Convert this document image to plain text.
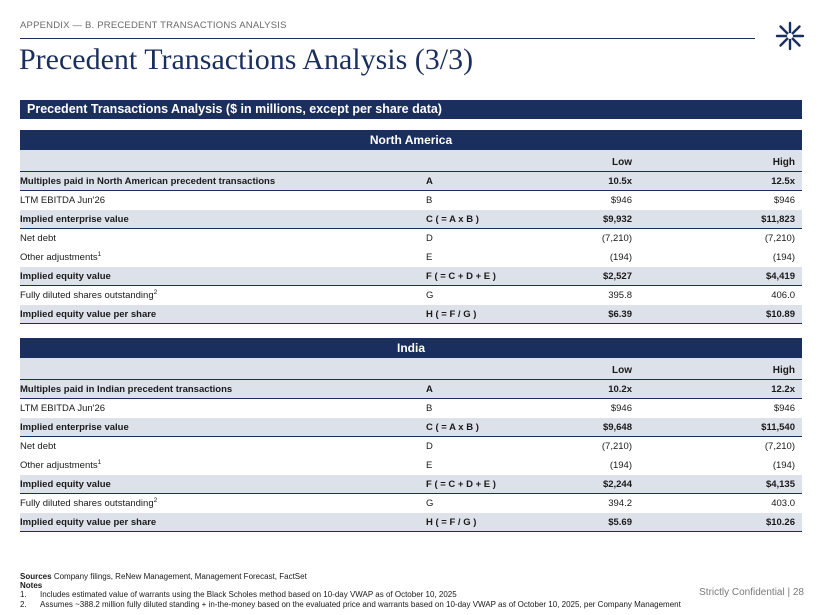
APPENDIX — B. PRECEDENT TRANSACTIONS ANALYSIS
Precedent Transactions Analysis (3/3)
Precedent Transactions Analysis ($ in millions, except per share data)
North America
Low	High
Multiples paid in North American precedent transactions	A	10.5x	12.5x
LTM EBITDA Jun'26	B	$946	$946
Implied enterprise value	C ( = A x B )	$9,932	$11,823
Net debt	D	(7,210)	(7,210)
Other adjustments$^1$	E	(194)	(194)
Implied equity value	F ( = C + D + E )	$2,527	$4,419
Fully diluted shares outstanding$^2$	G	395.8	406.0
Implied equity value per share	H ( = F / G )	$6.39	$10.89
India
Low	High
Multiples paid in Indian precedent transactions	A	10.2x	12.2x
LTM EBITDA Jun'26	B	$946	$946
Implied enterprise value	C ( = A x B )	$9,648	$11,540
Net debt	D	(7,210)	(7,210)
Other adjustments$^1$	E	(194)	(194)
Implied equity value	F ( = C + D + E )	$2,244	$4,135
Fully diluted shares outstanding$^2$	G	394.2	403.0
Implied equity value per share	H ( = F / G )	$5.69	$10.26
Sources Company filings, ReNew Management, Management Forecast, FactSet
Notes
1. Includes estimated value of warrants using the Black Scholes method based on 10-day VWAP as of October 10, 2025
2. Assumes ~388.2 million fully diluted standing + in-the-money based on the evaluated price and warrants based on 10-day VWAP as of October 10, 2025, per Company Management
Strictly Confidential | 28
